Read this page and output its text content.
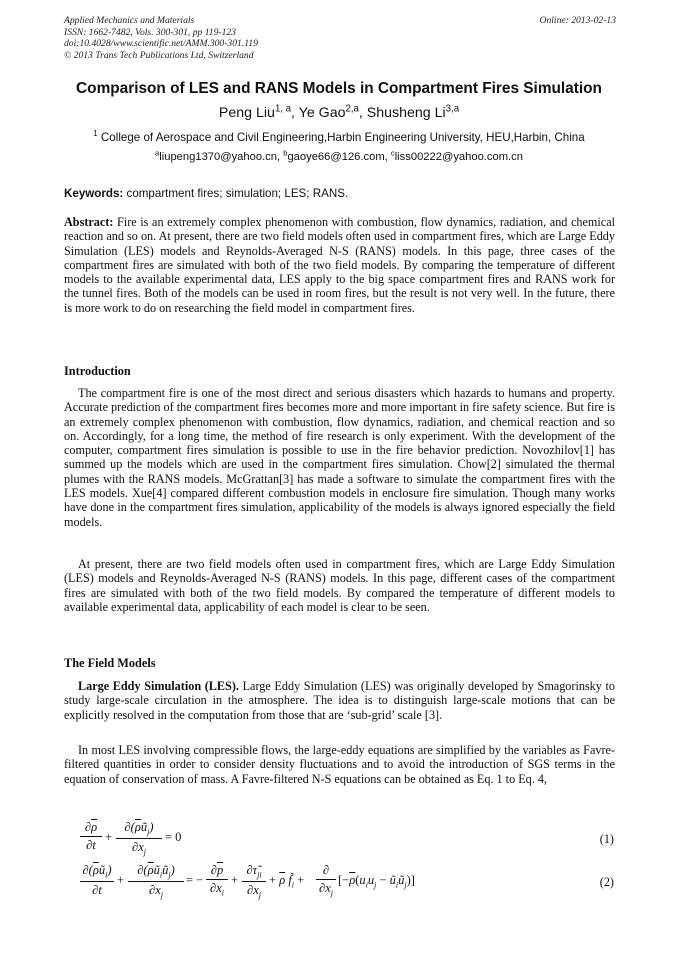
Applied Mechanics and Materials
ISSN: 1662-7482, Vols. 300-301, pp 119-123
doi:10.4028/www.scientific.net/AMM.300-301.119
© 2013 Trans Tech Publications Ltd, Switzerland
Online: 2013-02-13
Comparison of LES and RANS Models in Compartment Fires Simulation
Peng Liu$^{1, a}$, Ye Gao$^{2,a}$, Shusheng Li$^{3,a}$
$^1$ College of Aerospace and Civil Engineering,Harbin Engineering University, HEU,Harbin, China
$^a$liupeng1370@yahoo.cn, $^b$gaoye66@126.com, $^c$liss00222@yahoo.com.cn
Keywords: compartment fires; simulation; LES; RANS.

Abstract: Fire is an extremely complex phenomenon with combustion, flow dynamics, radiation, and chemical reaction and so on. At present, there are two field models often used in compartment fires, which are Large Eddy Simulation (LES) models and Reynolds-Averaged N-S (RANS) models. In this page, three cases of the compartment fires are simulated with both of the two field models. By comparing the temperature of different models to the available experimental data, LES apply to the big space compartment fires and RANS work for the tunnel fires. Both of the models can be used in room fires, but the result is not very well. In the future, there is more work to do on researching the field model in compartment fires.

Introduction

The compartment fire is one of the most direct and serious disasters which hazards to humans and property. Accurate prediction of the compartment fires becomes more and more important in fire safety science. But fire is an extremely complex phenomenon with combustion, flow dynamics, radiation, and chemical reaction and so on. Accordingly, for a long time, the method of fire research is only experiment. With the development of the computer, compartment fires simulation is possible to use in the fire behavior prediction. Novozhilov[1] has summed up the models which are used in the compartment fires simulation. Chow[2] simulated the thermal plumes with the RANS models. McGrattan[3] has made a software to simulate the compartment fires with the LES models. Xue[4] compared different combustion models in enclosure fire simulation. Though many works have done in the compartment fires simulation, applicability of the models is always ignored especially the field models.

At present, there are two field models often used in compartment fires, which are Large Eddy Simulation (LES) models and Reynolds-Averaged N-S (RANS) models. In this page, different cases of the compartment fires are simulated with both of the two field models. By compared the temperature of different models to available experimental data, applicability of each model is clear to be seen.

The Field Models

Large Eddy Simulation (LES). Large Eddy Simulation (LES) was originally developed by Smagorinsky to study large-scale circulation in the atmosphere. The idea is to distinguish large-scale motions that can be explicitly resolved in the computation from those that are ‘sub-grid’ scale [3].

In most LES involving compressible flows, the large-eddy equations are simplified by the variables as Favre-filtered quantities in order to consider density fluctuations and to avoid the introduction of SGS terms in the equation of conservation of mass. A Favre-filtered N-S equations can be obtained as Eq. 1 to Eq. 4,

$\frac{\partial\overline{\rho}}{\partial t}$ +
$\partial(\overline{\rho}ũ_j)$
$\partial x_j$
= 0	(1)
$\partial(\overline{\rho}ũ_i)$
∂t
+
$\partial(\overline{\rho}ũ_iũ_j)$
$\partial x_j$
= − $\frac{\partial\overline{p}}{\partial x_i} + \frac{\partial\taũ_{ji}}{\partial x_j} + \overline{\rho}$ $f̃_i$ +
∂
$\partial x_j$
[$-\overline{\rho}(u_iu_j$ − $ũ_iũ_j$)]	(2)
